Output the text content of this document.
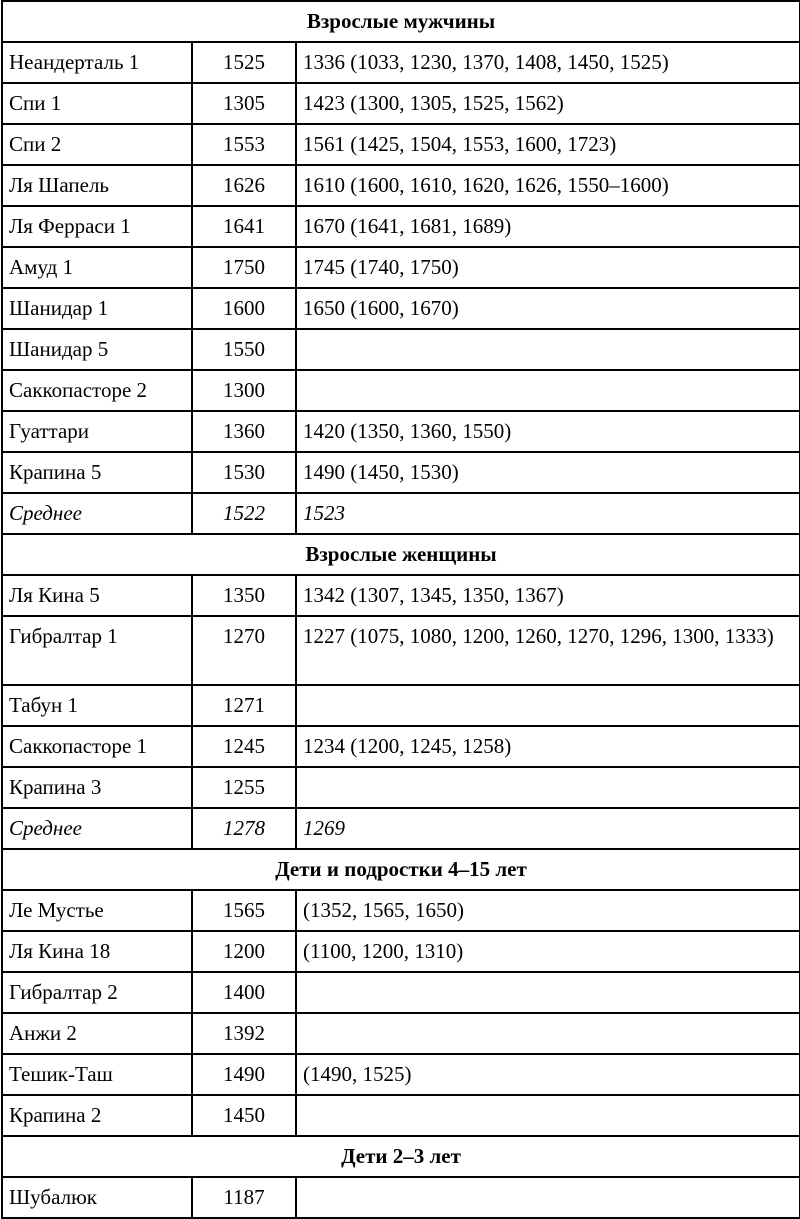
Взрослые мужчины		
Неандерталь 1	1525	1336 (1033, 1230, 1370, 1408, 1450, 1525)
Спи 1	1305	1423 (1300, 1305, 1525, 1562)
Спи 2	1553	1561 (1425, 1504, 1553, 1600, 1723)
Ля Шапель	1626	1610 (1600, 1610, 1620, 1626, 1550–1600)
Ля Ферраси 1	1641	1670 (1641, 1681, 1689)
Амуд 1	1750	1745 (1740, 1750)
Шанидар 1	1600	1650 (1600, 1670)
Шанидар 5	1550	
Саккопасторе 2	1300	
Гуаттари	1360	1420 (1350, 1360, 1550)
Крапина 5	1530	1490 (1450, 1530)
Среднее	1522	1523
Взрослые женщины		
Ля Кина 5	1350	1342 (1307, 1345, 1350, 1367)
Гибралтар 1	1270	1227 (1075, 1080, 1200, 1260, 1270, 1296, 1300, 1333)
Табун 1	1271	
Саккопасторе 1	1245	1234 (1200, 1245, 1258)
Крапина 3	1255	
Среднее	1278	1269
Дети и подростки 4–15 лет		
Ле Мустье	1565	(1352, 1565, 1650)
Ля Кина 18	1200	(1100, 1200, 1310)
Гибралтар 2	1400	
Анжи 2	1392	
Тешик-Таш	1490	(1490, 1525)
Крапина 2	1450	
Дети 2–3 лет		
Шубалюк	1187	
